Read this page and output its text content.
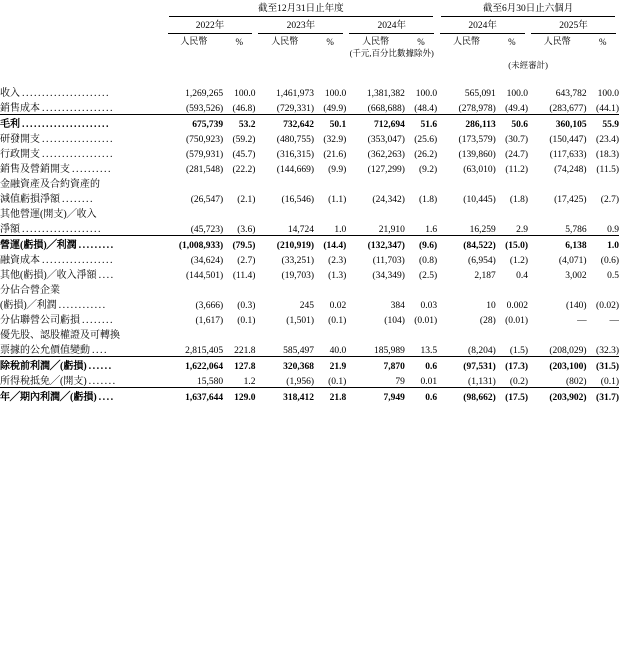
	截至12月31日止年度						截至6月30日止六個月			

	2022年		2023年		2024年		2024年		2025年	

	人民幣	%	人民幣	%	人民幣	%	人民幣	%	人民幣	%
					(千元,百分比數據除外)					
							(未經審計)			

收入 . . . . . . . . . . . . . . . . . . . . . .	1,269,265	100.0	1,461,973	100.0	1,381,382	100.0	565,091	100.0	643,782	100.0
銷售成本 . . . . . . . . . . . . . . . . . .	(593,526)	(46.8)	(729,331)	(49.9)	(668,688)	(48.4)	(278,978)	(49.4)	(283,677)	(44.1)
毛利 . . . . . . . . . . . . . . . . . . . . . .	675,739	53.2	732,642	50.1	712,694	51.6	286,113	50.6	360,105	55.9
研發開支 . . . . . . . . . . . . . . . . . .	(750,923)	(59.2)	(480,755)	(32.9)	(353,047)	(25.6)	(173,579)	(30.7)	(150,447)	(23.4)
行政開支 . . . . . . . . . . . . . . . . . .	(579,931)	(45.7)	(316,315)	(21.6)	(362,263)	(26.2)	(139,860)	(24.7)	(117,633)	(18.3)
銷售及營銷開支 . . . . . . . . . .	(281,548)	(22.2)	(144,669)	(9.9)	(127,299)	(9.2)	(63,010)	(11.2)	(74,248)	(11.5)
金融資產及合約資產的										
減值虧損淨額 . . . . . . . .	(26,547)	(2.1)	(16,546)	(1.1)	(24,342)	(1.8)	(10,445)	(1.8)	(17,425)	(2.7)
其他營運(開支)╱收入										
淨額 . . . . . . . . . . . . . . . . . . . .	(45,723)	(3.6)	14,724	1.0	21,910	1.6	16,259	2.9	5,786	0.9
營運(虧損)╱利潤 . . . . . . . . .	(1,008,933)	(79.5)	(210,919)	(14.4)	(132,347)	(9.6)	(84,522)	(15.0)	6,138	1.0
融資成本 . . . . . . . . . . . . . . . . . .	(34,624)	(2.7)	(33,251)	(2.3)	(11,703)	(0.8)	(6,954)	(1.2)	(4,071)	(0.6)
其他(虧損)╱收入淨額 . . . .	(144,501)	(11.4)	(19,703)	(1.3)	(34,349)	(2.5)	2,187	0.4	3,002	0.5
分佔合營企業										
(虧損)╱利潤 . . . . . . . . . . . .	(3,666)	(0.3)	245	0.02	384	0.03	10	0.002	(140)	(0.02)
分佔聯營公司虧損 . . . . . . . .	(1,617)	(0.1)	(1,501)	(0.1)	(104)	(0.01)	(28)	(0.01)	—	—
優先股、認股權證及可轉換										
票據的公允價值變動 . . . .	2,815,405	221.8	585,497	40.0	185,989	13.5	(8,204)	(1.5)	(208,029)	(32.3)
除稅前利潤╱(虧損) . . . . . .	1,622,064	127.8	320,368	21.9	7,870	0.6	(97,531)	(17.3)	(203,100)	(31.5)
所得稅抵免╱(開支) . . . . . . .	15,580	1.2	(1,956)	(0.1)	79	0.01	(1,131)	(0.2)	(802)	(0.1)
年╱期內利潤╱(虧損) . . . .	1,637,644	129.0	318,412	21.8	7,949	0.6	(98,662)	(17.5)	(203,902)	(31.7)
